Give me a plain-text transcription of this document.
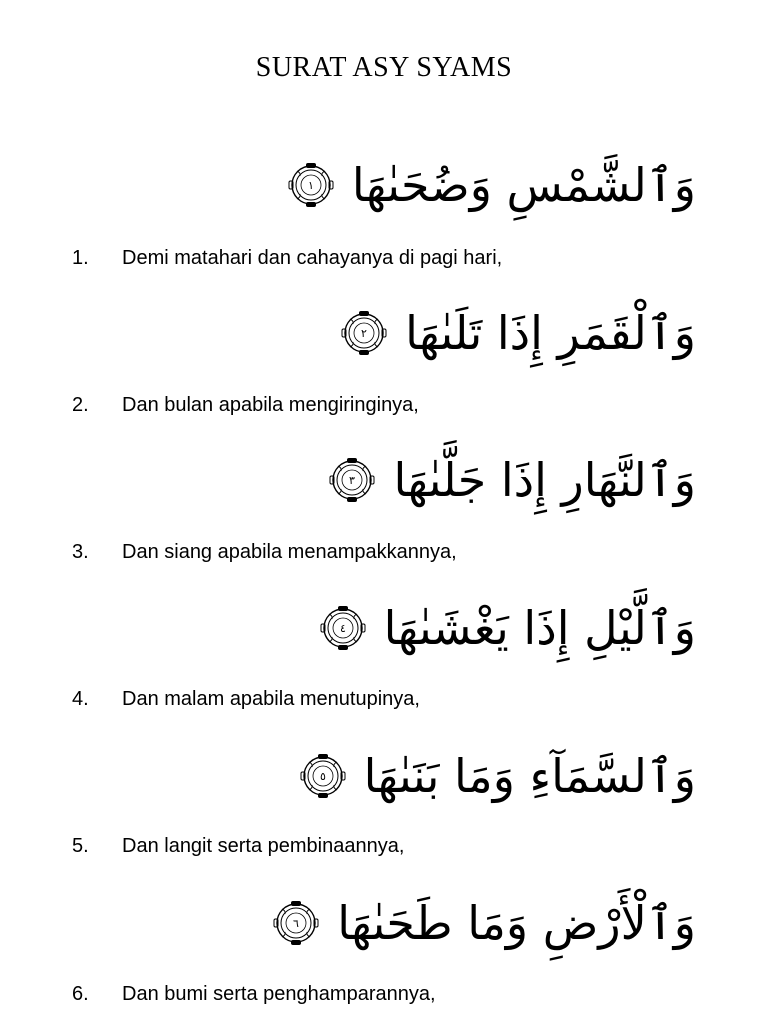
SURAT ASY SYAMS
١ وَٱلشَّمْسِ وَضُحَىٰهَا
1. Demi matahari dan cahayanya di pagi hari,
٢ وَٱلْقَمَرِ إِذَا تَلَىٰهَا
2. Dan bulan apabila mengiringinya,
٣ وَٱلنَّهَارِ إِذَا جَلَّىٰهَا
3. Dan siang apabila menampakkannya,
٤ وَٱلَّيْلِ إِذَا يَغْشَىٰهَا
4. Dan malam apabila menutupinya,
٥ وَٱلسَّمَآءِ وَمَا بَنَىٰهَا
5. Dan langit serta pembinaannya,
٦ وَٱلْأَرْضِ وَمَا طَحَىٰهَا
6. Dan bumi serta penghamparannya,
